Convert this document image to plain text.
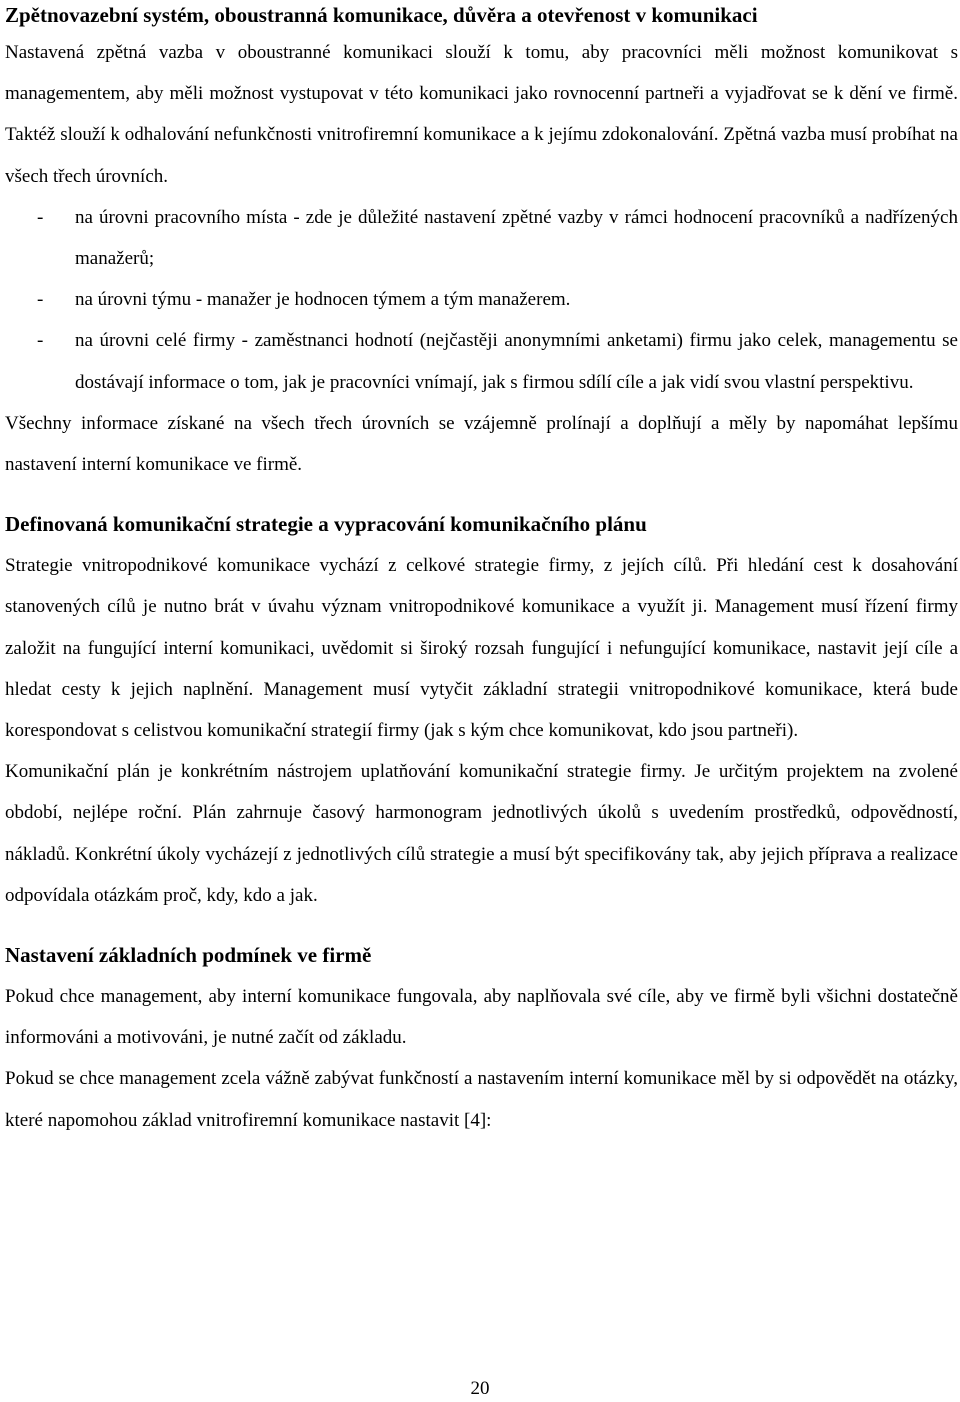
Zpětnovazební systém, oboustranná komunikace, důvěra a otevřenost v komunikaci

Nastavená zpětná vazba v oboustranné komunikaci slouží k tomu, aby pracovníci měli možnost komunikovat s managementem, aby měli možnost vystupovat v této komunikaci jako rovnocenní partneři a vyjadřovat se k dění ve firmě. Taktéž slouží k odhalování nefunkčnosti vnitrofiremní komunikace a k jejímu zdokonalování. Zpětná vazba musí probíhat na všech třech úrovních.

- na úrovni pracovního místa - zde je důležité nastavení zpětné vazby v rámci hodnocení pracovníků a nadřízených manažerů;
- na úrovni týmu - manažer je hodnocen týmem a tým manažerem.
- na úrovni celé firmy - zaměstnanci hodnotí (nejčastěji anonymními anketami) firmu jako celek, managementu se dostávají informace o tom, jak je pracovníci vnímají, jak s firmou sdílí cíle a jak vidí svou vlastní perspektivu.

Všechny informace získané na všech třech úrovních se vzájemně prolínají a doplňují a měly by napomáhat lepšímu nastavení interní komunikace ve firmě.

Definovaná komunikační strategie a vypracování komunikačního plánu

Strategie vnitropodnikové komunikace vychází z celkové strategie firmy, z jejích cílů. Při hledání cest k dosahování stanovených cílů je nutno brát v úvahu význam vnitropodnikové komunikace a využít ji. Management musí řízení firmy založit na fungující interní komunikaci, uvědomit si široký rozsah fungující i nefungující komunikace, nastavit její cíle a hledat cesty k jejich naplnění. Management musí vytyčit základní strategii vnitropodnikové komunikace, která bude korespondovat s celistvou komunikační strategií firmy (jak s kým chce komunikovat, kdo jsou partneři).

Komunikační plán je konkrétním nástrojem uplatňování komunikační strategie firmy. Je určitým projektem na zvolené období, nejlépe roční. Plán zahrnuje časový harmonogram jednotlivých úkolů s uvedením prostředků, odpovědností, nákladů. Konkrétní úkoly vycházejí z jednotlivých cílů strategie a musí být specifikovány tak, aby jejich příprava a realizace odpovídala otázkám proč, kdy, kdo a jak.

Nastavení základních podmínek ve firmě

Pokud chce management, aby interní komunikace fungovala, aby naplňovala své cíle, aby ve firmě byli všichni dostatečně informováni a motivováni, je nutné začít od základu.

Pokud se chce management zcela vážně zabývat funkčností a nastavením interní komunikace měl by si odpovědět na otázky, které napomohou základ vnitrofiremní komunikace nastavit [4]:

20
